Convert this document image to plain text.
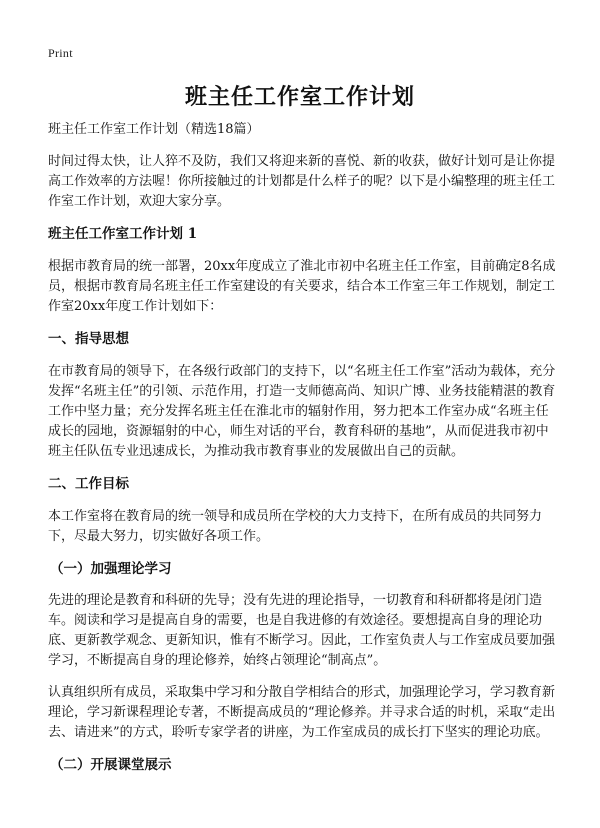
Print
班主任工作室工作计划

班主任工作室工作计划（精选18篇）

时间过得太快，让人猝不及防，我们又将迎来新的喜悦、新的收获，做好计划可是让你提高工作效率的方法喔！你所接触过的计划都是什么样子的呢？以下是小编整理的班主任工作室工作计划，欢迎大家分享。

班主任工作室工作计划 1

根据市教育局的统一部署，20xx年度成立了淮北市初中名班主任工作室，目前确定8名成员，根据市教育局名班主任工作室建设的有关要求，结合本工作室三年工作规划，制定工作室20xx年度工作计划如下：

一、指导思想

在市教育局的领导下，在各级行政部门的支持下，以“名班主任工作室”活动为载体，充分发挥“名班主任”的引领、示范作用，打造一支师德高尚、知识广博、业务技能精湛的教育工作中坚力量；充分发挥名班主任在淮北市的辐射作用，努力把本工作室办成“名班主任成长的园地，资源辐射的中心，师生对话的平台，教育科研的基地”，从而促进我市初中班主任队伍专业迅速成长，为推动我市教育事业的发展做出自己的贡献。

二、工作目标

本工作室将在教育局的统一领导和成员所在学校的大力支持下，在所有成员的共同努力下，尽最大努力，切实做好各项工作。

（一）加强理论学习

先进的理论是教育和科研的先导；没有先进的理论指导，一切教育和科研都将是闭门造车。阅读和学习是提高自身的需要，也是自我进修的有效途径。要想提高自身的理论功底、更新教学观念、更新知识，惟有不断学习。因此，工作室负责人与工作室成员要加强学习，不断提高自身的理论修养，始终占领理论“制高点”。

认真组织所有成员，采取集中学习和分散自学相结合的形式，加强理论学习，学习教育新理论，学习新课程理论专著，不断提高成员的“理论修养。并寻求合适的时机，采取“走出去、请进来”的方式，聆听专家学者的讲座，为工作室成员的成长打下坚实的理论功底。

（二）开展课堂展示
